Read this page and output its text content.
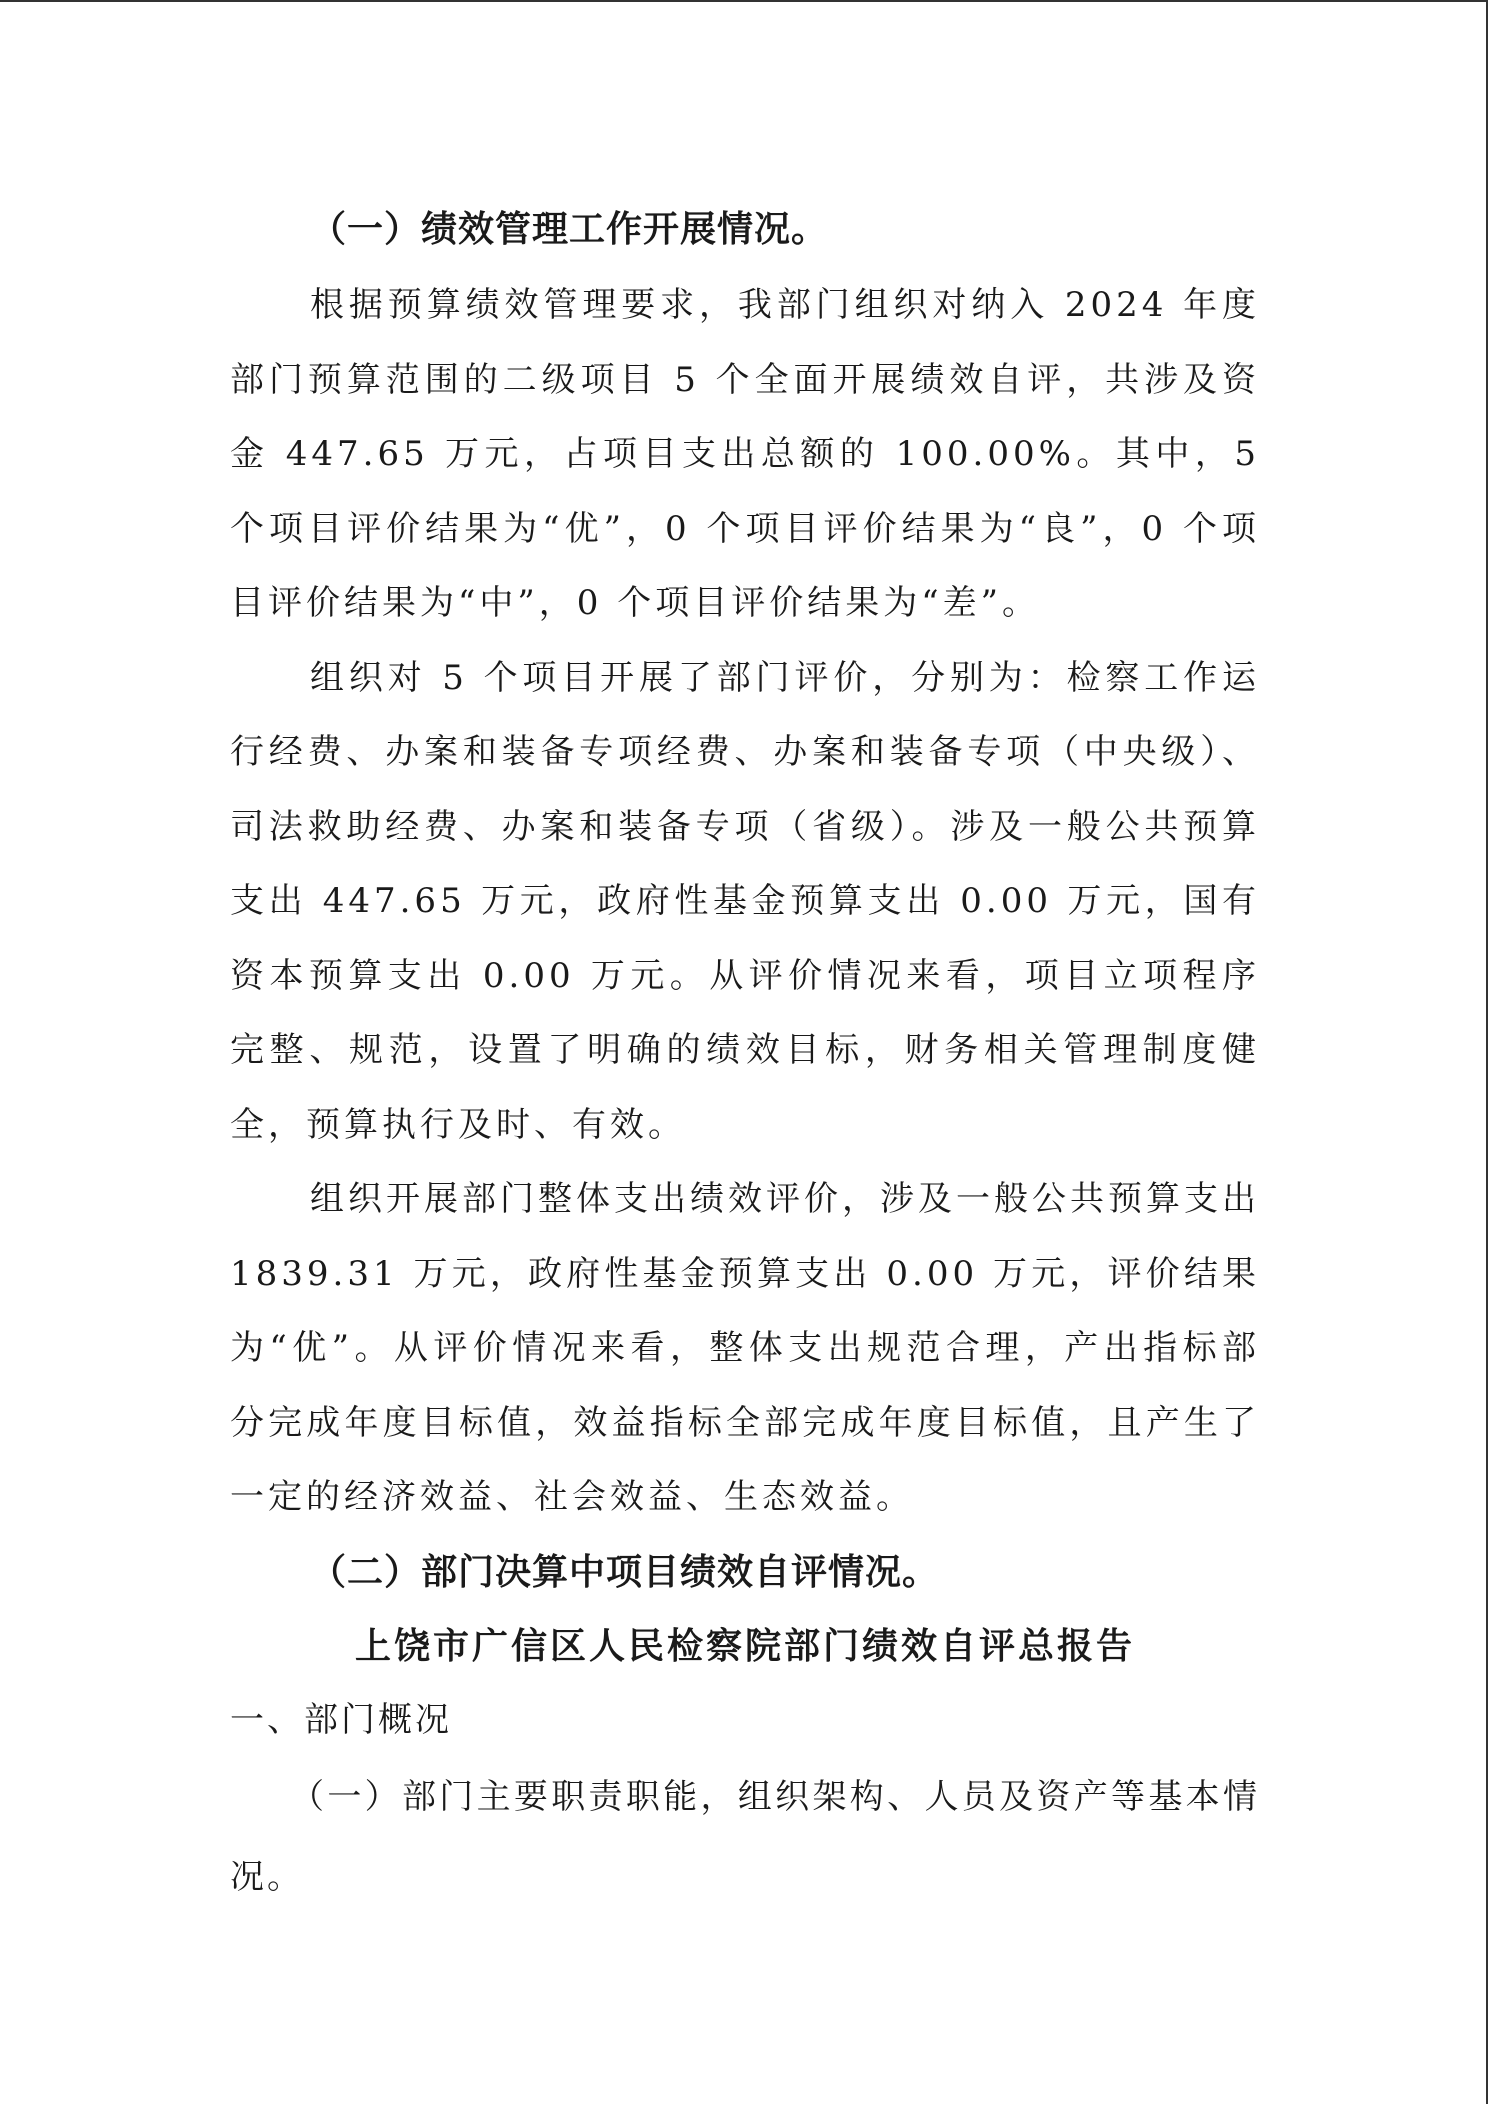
（一）绩效管理工作开展情况。

根据预算绩效管理要求，我部门组织对纳入 2024 年度部门预算范围的二级项目 5 个全面开展绩效自评，共涉及资金 447.65 万元，占项目支出总额的 100.00%。其中，5 个项目评价结果为“优”，0 个项目评价结果为“良”，0 个项目评价结果为“中”，0 个项目评价结果为“差”。

组织对 5 个项目开展了部门评价，分别为：检察工作运行经费、办案和装备专项经费、办案和装备专项（中央级）、司法救助经费、办案和装备专项（省级）。涉及一般公共预算支出 447.65 万元，政府性基金预算支出 0.00 万元，国有资本预算支出 0.00 万元。从评价情况来看，项目立项程序完整、规范，设置了明确的绩效目标，财务相关管理制度健全，预算执行及时、有效。

组织开展部门整体支出绩效评价，涉及一般公共预算支出 1839.31 万元，政府性基金预算支出 0.00 万元，评价结果为“优”。从评价情况来看，整体支出规范合理，产出指标部分完成年度目标值，效益指标全部完成年度目标值，且产生了一定的经济效益、社会效益、生态效益。

（二）部门决算中项目绩效自评情况。

上饶市广信区人民检察院部门绩效自评总报告

一、部门概况

（一）部门主要职责职能，组织架构、人员及资产等基本情况。
